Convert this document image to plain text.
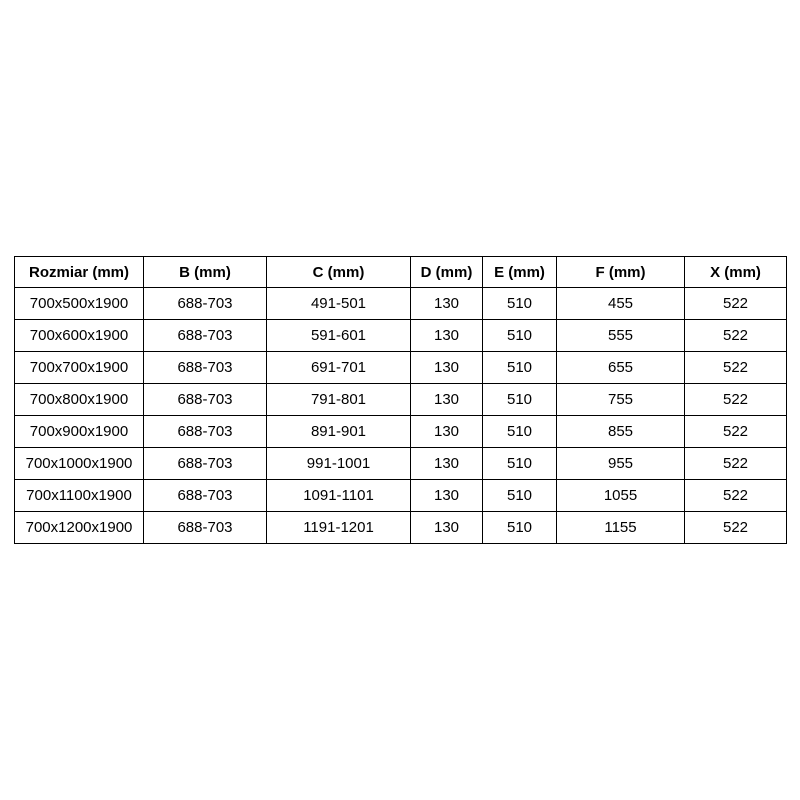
Rozmiar (mm)	B (mm)	C (mm)	D (mm)	E (mm)	F (mm)	X (mm)
700x500x1900	688-703	491-501	130	510	455	522
700x600x1900	688-703	591-601	130	510	555	522
700x700x1900	688-703	691-701	130	510	655	522
700x800x1900	688-703	791-801	130	510	755	522
700x900x1900	688-703	891-901	130	510	855	522
700x1000x1900	688-703	991-1001	130	510	955	522
700x1100x1900	688-703	1091-1101	130	510	1055	522
700x1200x1900	688-703	1191-1201	130	510	1155	522
